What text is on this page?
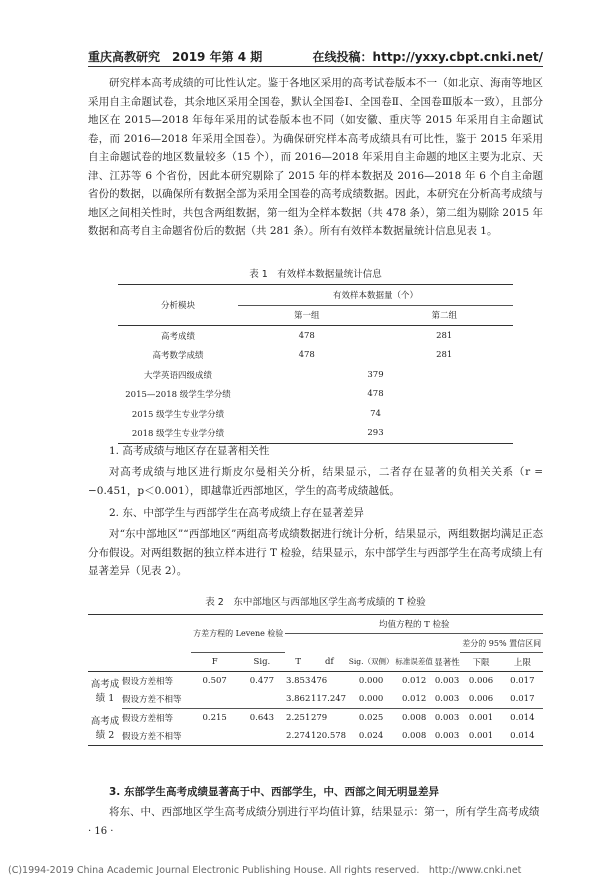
重庆高教研究　2019 年第 4 期	在线投稿：http://yxxy.cbpt.cnki.net/

研究样本高考成绩的可比性认定。鉴于各地区采用的高考试卷版本不一（如北京、海南等地区采用自主命题试卷，其余地区采用全国卷，默认全国卷Ⅰ、全国卷Ⅱ、全国卷Ⅲ版本一致），且部分地区在 2015—2018 年每年采用的试卷版本也不同（如安徽、重庆等 2015 年采用自主命题试卷，而 2016—2018 年采用全国卷）。为确保研究样本高考成绩具有可比性，鉴于 2015 年采用自主命题试卷的地区数量较多（15 个），而 2016—2018 年采用自主命题的地区主要为北京、天津、江苏等 6 个省份，因此本研究剔除了 2015 年的样本数据及 2016—2018 年 6 个自主命题省份的数据，以确保所有数据全部为采用全国卷的高考成绩数据。因此，本研究在分析高考成绩与地区之间相关性时，共包含两组数据，第一组为全样本数据（共 478 条），第二组为剔除 2015 年数据和高考自主命题省份后的数据（共 281 条）。所有有效样本数据量统计信息见表 1。

表 1　有效样本数据量统计信息
分析模块	有效样本数据量（个）	
	第一组	第二组
高考成绩	478	281
高考数学成绩	478	281
大学英语四级成绩	379	
2015—2018 级学生学分绩	478	
2015 级学生专业学分绩	74	
2018 级学生专业学分绩	293	
1. 高考成绩与地区存在显著相关性

对高考成绩与地区进行斯皮尔曼相关分析，结果显示，二者存在显著的负相关关系（r = −0.451，p＜0.001），即越靠近西部地区，学生的高考成绩越低。

2. 东、中部学生与西部学生在高考成绩上存在显著差异

对“东中部地区”“西部地区”两组高考成绩数据进行统计分析，结果显示，两组数据均满足正态分布假设。对两组数据的独立样本进行 T 检验，结果显示，东中部学生与西部学生在高考成绩上有显著差异（见表 2）。

表 2　东中部地区与西部地区学生高考成绩的 T 检验
		方差方程的 Levene 检验		均值方程的 T 检验						
									差分的 95% 置信区间	
		F	Sig.	T	df	Sig.（双侧）	标准误差值	显著性	下限	上限
高考成绩 1	假设方差相等	0.507	0.477	3.853	476	0.000	0.012	0.003	0.006	0.017
	假设方差不相等			3.862	117.247	0.000	0.012	0.003	0.006	0.017
高考成绩 2	假设方差相等	0.215	0.643	2.251	279	0.025	0.008	0.003	0.001	0.014
	假设方差不相等			2.274	120.578	0.024	0.008	0.003	0.001	0.014
3. 东部学生高考成绩显著高于中、西部学生，中、西部之间无明显差异

将东、中、西部地区学生高考成绩分别进行平均值计算，结果显示：第一，所有学生高考成绩

· 16 ·
(C)1994-2019 China Academic Journal Electronic Publishing House. All rights reserved.　http://www.cnki.net
